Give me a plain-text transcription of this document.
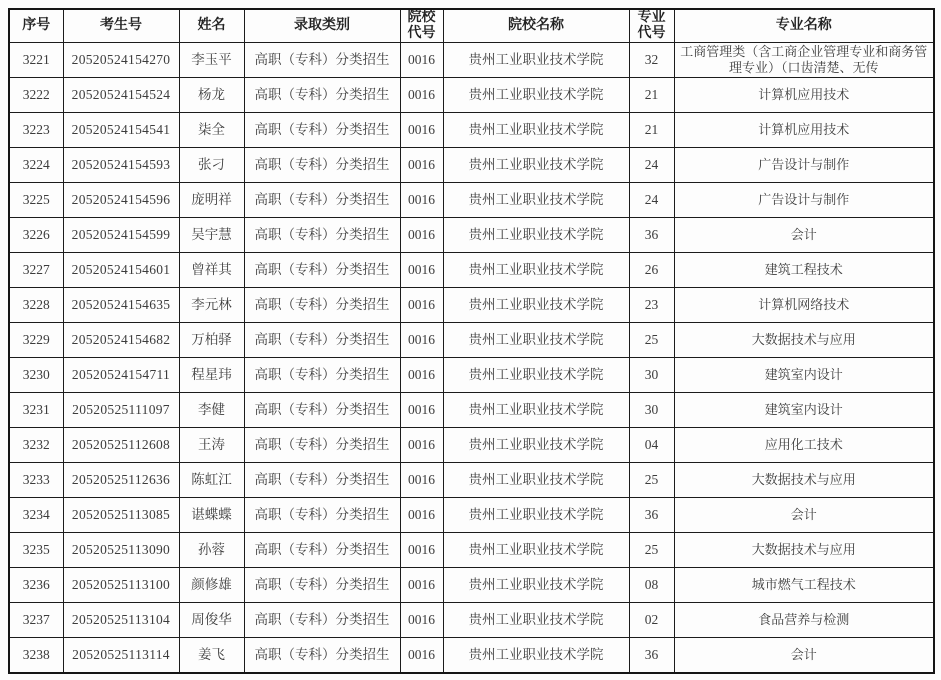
序号	考生号	姓名	录取类别	院校代号	院校名称	专业代号	专业名称
3221	20520524154270	李玉平	高职（专科）分类招生	0016	贵州工业职业技术学院	32	工商管理类（含工商企业管理专业和商务管理专业）（口齿清楚、无传
3222	20520524154524	杨龙	高职（专科）分类招生	0016	贵州工业职业技术学院	21	计算机应用技术
3223	20520524154541	柒全	高职（专科）分类招生	0016	贵州工业职业技术学院	21	计算机应用技术
3224	20520524154593	张刁	高职（专科）分类招生	0016	贵州工业职业技术学院	24	广告设计与制作
3225	20520524154596	庞明祥	高职（专科）分类招生	0016	贵州工业职业技术学院	24	广告设计与制作
3226	20520524154599	吴宇慧	高职（专科）分类招生	0016	贵州工业职业技术学院	36	会计
3227	20520524154601	曾祥其	高职（专科）分类招生	0016	贵州工业职业技术学院	26	建筑工程技术
3228	20520524154635	李元林	高职（专科）分类招生	0016	贵州工业职业技术学院	23	计算机网络技术
3229	20520524154682	万柏驿	高职（专科）分类招生	0016	贵州工业职业技术学院	25	大数据技术与应用
3230	20520524154711	程星玮	高职（专科）分类招生	0016	贵州工业职业技术学院	30	建筑室内设计
3231	20520525111097	李健	高职（专科）分类招生	0016	贵州工业职业技术学院	30	建筑室内设计
3232	20520525112608	王涛	高职（专科）分类招生	0016	贵州工业职业技术学院	04	应用化工技术
3233	20520525112636	陈虹江	高职（专科）分类招生	0016	贵州工业职业技术学院	25	大数据技术与应用
3234	20520525113085	谌蝶蝶	高职（专科）分类招生	0016	贵州工业职业技术学院	36	会计
3235	20520525113090	孙蓉	高职（专科）分类招生	0016	贵州工业职业技术学院	25	大数据技术与应用
3236	20520525113100	颜修雄	高职（专科）分类招生	0016	贵州工业职业技术学院	08	城市燃气工程技术
3237	20520525113104	周俊华	高职（专科）分类招生	0016	贵州工业职业技术学院	02	食品营养与检测
3238	20520525113114	姜飞	高职（专科）分类招生	0016	贵州工业职业技术学院	36	会计
